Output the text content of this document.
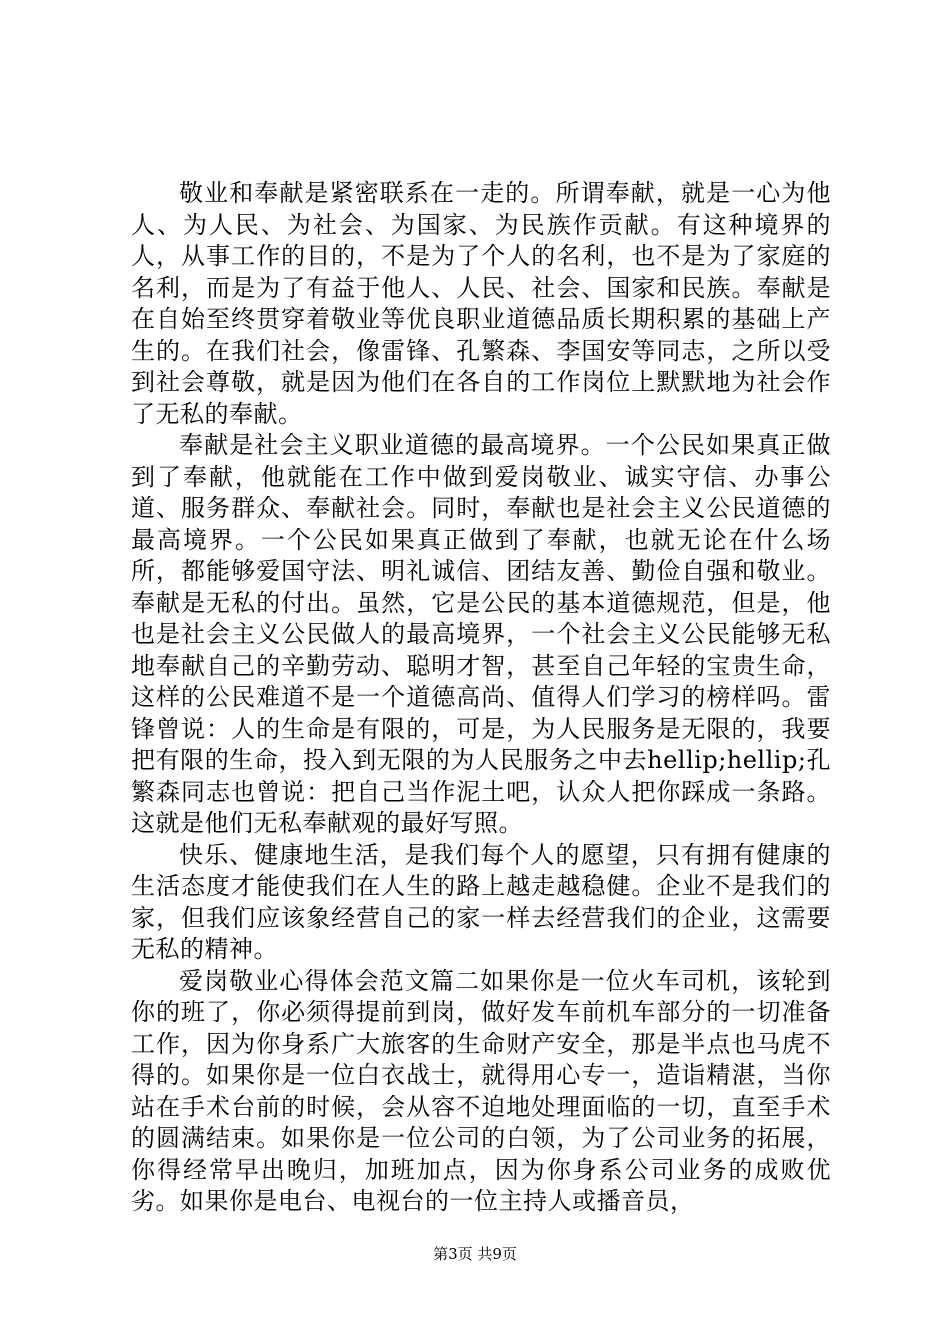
敬业和奉献是紧密联系在一走的。所谓奉献，就是一心为他人、为人民、为社会、为国家、为民族作贡献。有这种境界的人，从事工作的目的，不是为了个人的名利，也不是为了家庭的名利，而是为了有益于他人、人民、社会、国家和民族。奉献是在自始至终贯穿着敬业等优良职业道德品质长期积累的基础上产生的。在我们社会，像雷锋、孔繁森、李国安等同志，之所以受到社会尊敬，就是因为他们在各自的工作岗位上默默地为社会作了无私的奉献。

奉献是社会主义职业道德的最高境界。一个公民如果真正做到了奉献，他就能在工作中做到爱岗敬业、诚实守信、办事公道、服务群众、奉献社会。同时，奉献也是社会主义公民道德的最高境界。一个公民如果真正做到了奉献，也就无论在什么场所，都能够爱国守法、明礼诚信、团结友善、勤俭自强和敬业。奉献是无私的付出。虽然，它是公民的基本道德规范，但是，他也是社会主义公民做人的最高境界，一个社会主义公民能够无私地奉献自己的辛勤劳动、聪明才智，甚至自己年轻的宝贵生命，这样的公民难道不是一个道德高尚、值得人们学习的榜样吗。雷锋曾说：人的生命是有限的，可是，为人民服务是无限的，我要把有限的生命，投入到无限的为人民服务之中去hellip;hellip;孔繁森同志也曾说：把自己当作泥土吧，认众人把你踩成一条路。这就是他们无私奉献观的最好写照。

快乐、健康地生活，是我们每个人的愿望，只有拥有健康的生活态度才能使我们在人生的路上越走越稳健。企业不是我们的家，但我们应该象经营自己的家一样去经营我们的企业，这需要无私的精神。

爱岗敬业心得体会范文篇二如果你是一位火车司机，该轮到你的班了，你必须得提前到岗，做好发车前机车部分的一切准备工作，因为你身系广大旅客的生命财产安全，那是半点也马虎不得的。如果你是一位白衣战士，就得用心专一，造诣精湛，当你站在手术台前的时候，会从容不迫地处理面临的一切，直至手术的圆满结束。如果你是一位公司的白领，为了公司业务的拓展，你得经常早出晚归，加班加点，因为你身系公司业务的成败优劣。如果你是电台、电视台的一位主持人或播音员，

第3页 共9页
